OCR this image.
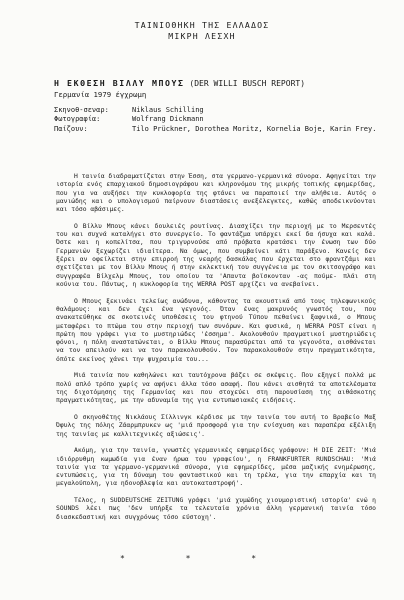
ΤΑΙΝΙΟΘΗΚΗ ΤΗΣ ΕΛΛΑΔΟΣ
ΜΙΚΡΗ ΛΕΣΧΗ
Η ΕΚΘΕΣΗ ΒΙΛΛΥ ΜΠΟΥΣ (DER WILLI BUSCH REPORT)
Γερμανία 1979 έγχρωμη
Σκηνοθ-σεναρ:	Niklaus Schilling
Φωτογραφία:	Wolfrang Dickmann
Παίζουν:	Tilo Prückner, Dorothea Moritz, Kornelia Boje, Karin Frey.

Η ταινία διαδραματίζεται στην Έσση, στα γερμανο-γερμανικά σύνορα. Αφηγείται την ιστορία ενός επαρχιακού δημοσιογράφου και κληρονόμου της μικρής τοπικής εφημερίδας, που για να αυξήσει την κυκλοφορία της φτάνει να παραποιεί την αλήθεια. Αυτός ο μανιώδης και ο υπολογισμού παίρνουν διαστάσεις ανεξέλεγκτες, καθώς αποδεικνύονται και τόσο αβάσιμες.

Ο Βίλλυ Μπους κάνει δουλειές ρουτίνας. Διασχίζει την περιοχή με το Μερσεντές του και συχνά καταλήγει στο συνεργείο. Το φαντάζμα υπάρχει εκεί δα ήσυχα και καλά. Όστε και η κοπελίτσα, που τριγυρνούσε από πρόβατα κρατάσει την ένωση των δύο Γερμανιών ξεχωρίζει ιδιαίτερα. Να όμως, που συμβαίνει κάτι παράξενο. Κανείς δεν ξέρει αν οφείλεται στην επιρροή της νεαρής δασκάλας που έρχεται στο φραντζάμι και σχετίζεται με τον Βίλλυ Μπους ή στην εκλεκτική του συγγένεια με τον σκιτσογράφο και συγγραφέα Βίλχελμ Μπους, του οποίου τα 'Απαντα βοϊσκονταν -ας πούμε- πλάι στη κούνια του. Πάντως, η κυκλοφορία της WERRA POST αρχίζει να ανεβαίνει.

Ο Μπους ξεκινάει τελείως ανώδυνα, κάθοντας τα ακουστικά από τους τηλεφωνικούς θαλάμους: και δεν έχει ένα γεγονός. Όταν ένας μακρυνός γνωστός του, που ανακατεύθηκε σε σκοτεινές υποθέσεις του φτηνού Τύπου πεθαίνει ξαφνικά, ο Μπους μεταφέρει το πτώμα του στην περιοχή των συνόρων. Και φυσικά, η WERRA POST είναι η πρώτη που γράφει για το μυστηριώδες 'έσσημα'. Ακολουθούν πραγματικοί μυστηριώδεις φόνοι, η πόλη αναστατώνεται, ο Βίλλυ Μπους παρασύρεται από τα γεγονότα, αισθάνεται να τον απειλούν και να τον παρακολουθούν. Τον παρακολουθούν στην πραγματικότητα, όπότε εκείνος χάνει την ψυχραιμία του...

Μιά ταινία που καθηλώνει και ταυτόχρονα βάζει σε σκέψεις. Που εξηγεί πολλά με πολύ απλό τρόπο χωρίς να αφήνει άλλα τόσο ασαφή. Που κάνει αισθητά τα αποτελέσματα της διχοτόμησης της Γερμανίας και που στοχεύει στη παρουσίαση της αιθάσκοτης πραγματικότητας, με την αδυναμία της για εντυπωσιακές ειδήσεις.

Ο σκηνοθέτης Νικλάους Σίλλινγκ κέρδισε με την ταινία του αυτή το Βραβείο Μαξ Όφυλς της πόλης Ζάαρμπρυκεν ως 'μιά προσφορά για την ενίσχυση και παραπέρα εξέλιξη της ταινίας με καλλιτεχνικές αξιώσεις'.

Ακόμη, για την ταινία, γνωστές γερμανικές εφημερίδες γράφουν: Η DIE ZEIT: 'Μιά ιδιόρρυθμη κωμωδία για έναν ήρωα του γραφείου', η FRANKFURTER RUNDSCHAU: 'Μιά ταινία για τα γερμανο-γερμανικά σύνορα, για εφημερίδες, μέσα μαζικής ενημέρωσης, εντυπώσεις, για τη δύναμη του φανταστικού και τη τρέλα, για την επαρχία και τη μεγαλούπολη, για ηδονοβλεψία και αυτοκαταστροφή'.

Τέλος, η SUDDEUTSCHE ZEITUNG γράφει 'μιά χυμώδης χιουμοριστική ιστορία' ενώ η SOUNDS λέει πως 'δεν υπήρξε τα τελευταία χρόνια άλλη γερμανική ταινία τόσο διασκεδαστική και συγχρόνως τόσο εύστοχη'.

* * *
